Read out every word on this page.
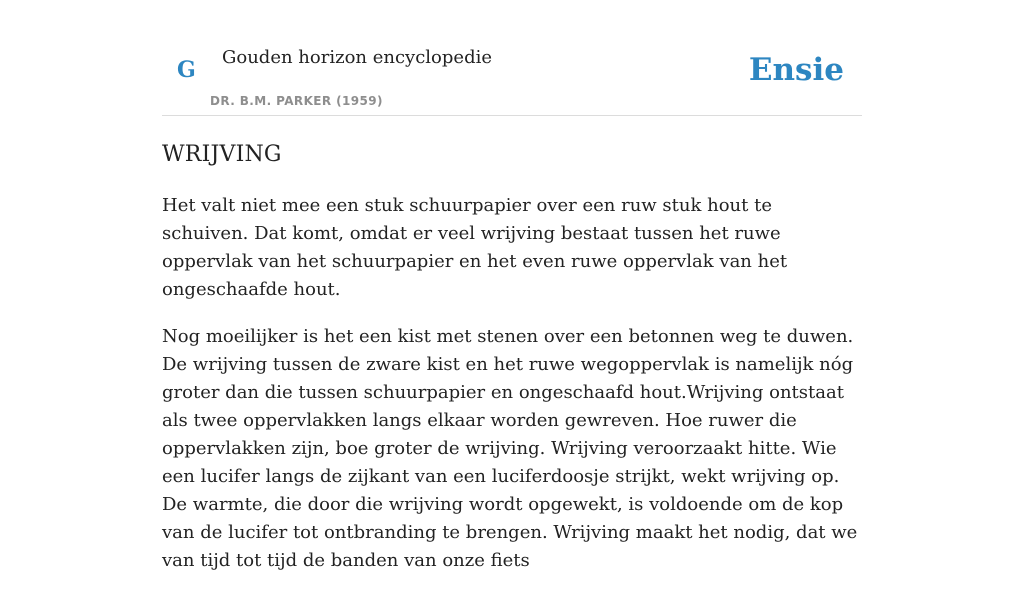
G Gouden horizon encyclopedie
DR. B.M. PARKER (1959)
Ensie
WRIJVING

Het valt niet mee een stuk schuurpapier over een ruw stuk hout te schuiven. Dat komt, omdat er veel wrijving bestaat tussen het ruwe oppervlak van het schuurpapier en het even ruwe oppervlak van het ongeschaafde hout.

Nog moeilijker is het een kist met stenen over een betonnen weg te duwen. De wrijving tussen de zware kist en het ruwe wegoppervlak is namelijk nóg groter dan die tussen schuurpapier en ongeschaafd hout.Wrijving ontstaat als twee oppervlakken langs elkaar worden gewreven. Hoe ruwer die oppervlakken zijn, boe groter de wrijving. Wrijving veroorzaakt hitte. Wie een lucifer langs de zijkant van een luciferdoosje strijkt, wekt wrijving op. De warmte, die door die wrijving wordt opgewekt, is voldoende om de kop van de lucifer tot ontbranding te brengen. Wrijving maakt het nodig, dat we van tijd tot tijd de banden van onze fiets
